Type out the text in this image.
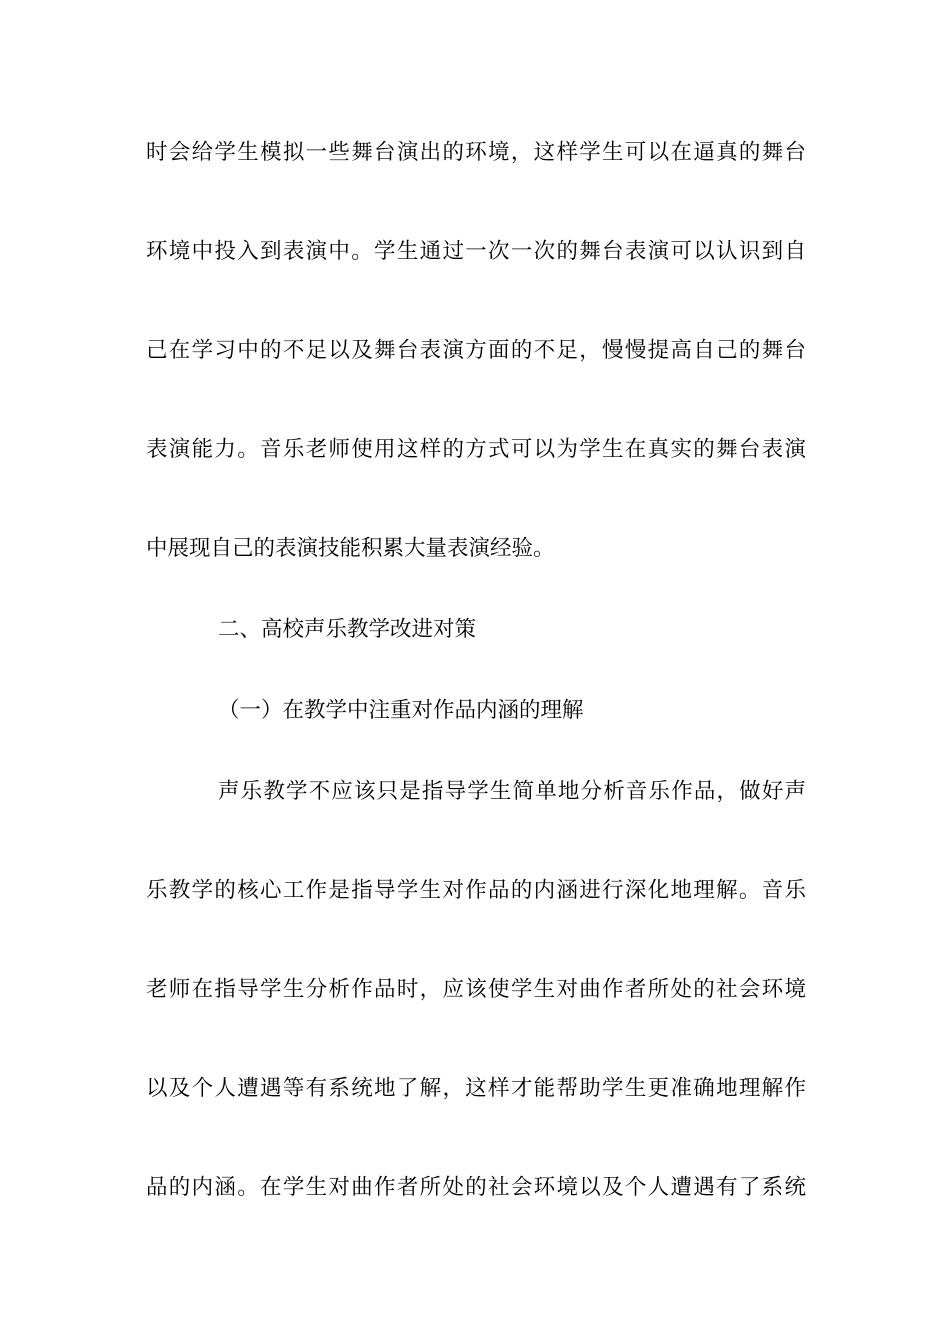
时会给学生模拟一些舞台演出的环境，这样学生可以在逼真的舞台
环境中投入到表演中。学生通过一次一次的舞台表演可以认识到自
己在学习中的不足以及舞台表演方面的不足，慢慢提高自己的舞台
表演能力。音乐老师使用这样的方式可以为学生在真实的舞台表演
中展现自己的表演技能积累大量表演经验。
二、高校声乐教学改进对策
（一）在教学中注重对作品内涵的理解
声乐教学不应该只是指导学生简单地分析音乐作品，做好声
乐教学的核心工作是指导学生对作品的内涵进行深化地理解。音乐
老师在指导学生分析作品时，应该使学生对曲作者所处的社会环境
以及个人遭遇等有系统地了解，这样才能帮助学生更准确地理解作
品的内涵。在学生对曲作者所处的社会环境以及个人遭遇有了系统
